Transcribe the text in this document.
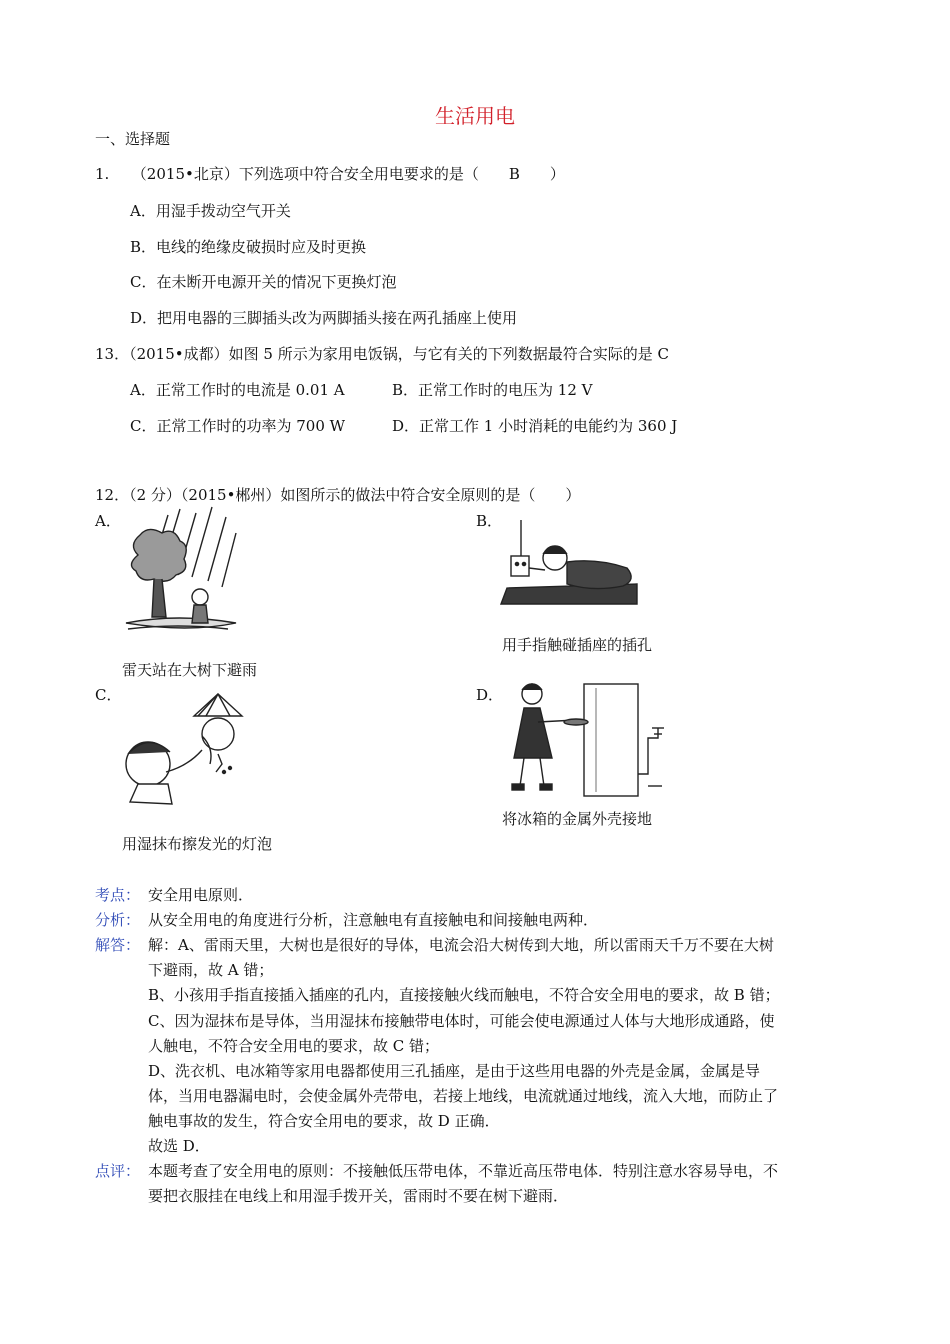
生活用电
一、选择题
1.　　（2015•北京）下列选项中符合安全用电要求的是（　　B　　）
A．用湿手拨动空气开关
B．电线的绝缘皮破损时应及时更换
C．在未断开电源开关的情况下更换灯泡
D．把用电器的三脚插头改为两脚插头接在两孔插座上使用
13．（2015•成都）如图 5 所示为家用电饭锅，与它有关的下列数据最符合实际的是 C
A．正常工作时的电流是 0.01 A	B．正常工作时的电压为 12 V
C．正常工作时的功率为 700 W	D．正常工作 1 小时消耗的电能约为 360 J
12．（2 分）（2015•郴州）如图所示的做法中符合安全原则的是（　　）
A．	B．
用手指触碰插座的插孔
雷天站在大树下避雨
C．	D．
将冰箱的金属外壳接地
用湿抹布擦发光的灯泡
考点： 安全用电原则．
分析： 从安全用电的角度进行分析，注意触电有直接触电和间接触电两种．
解答： 解：A、雷雨天里，大树也是很好的导体，电流会沿大树传到大地，所以雷雨天千万不要在大树
下避雨，故 A 错；
B、小孩用手指直接插入插座的孔内，直接接触火线而触电，不符合安全用电的要求，故 B 错；
C、因为湿抹布是导体，当用湿抹布接触带电体时，可能会使电源通过人体与大地形成通路，使
人触电，不符合安全用电的要求，故 C 错；
D、洗衣机、电冰箱等家用电器都使用三孔插座，是由于这些用电器的外壳是金属，金属是导
体，当用电器漏电时，会使金属外壳带电，若接上地线，电流就通过地线，流入大地，而防止了
触电事故的发生，符合安全用电的要求，故 D 正确．
故选 D．
点评： 本题考查了安全用电的原则：不接触低压带电体，不靠近高压带电体．特别注意水容易导电，不
要把衣服挂在电线上和用湿手拨开关，雷雨时不要在树下避雨．
